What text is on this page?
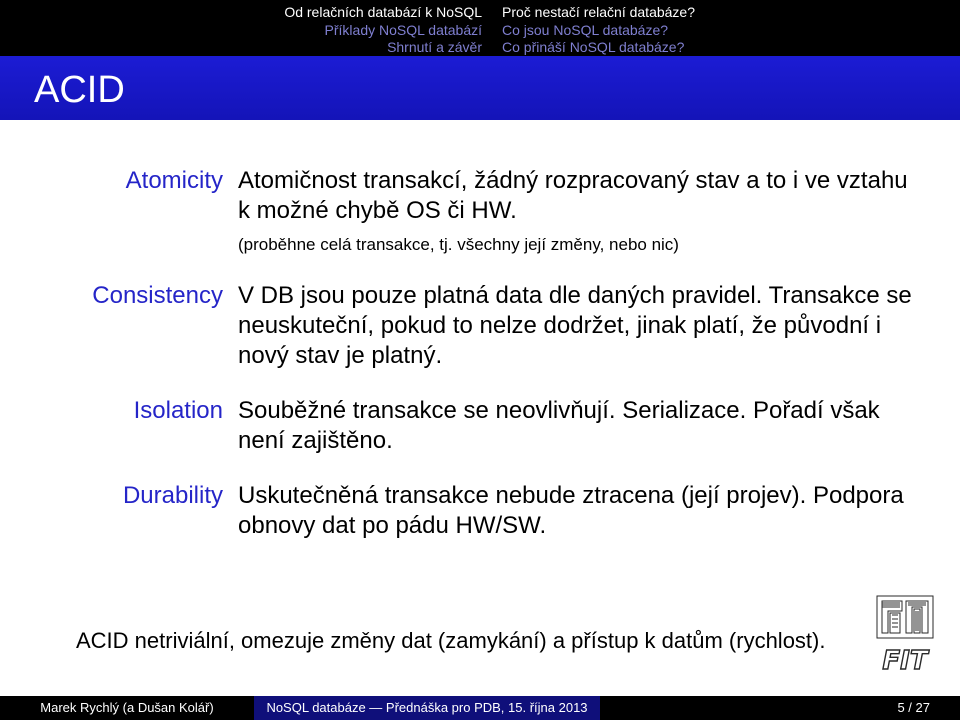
Od relačních databází k NoSQL
Příklady NoSQL databází
Shrnutí a závěr
Proč nestačí relační databáze?
Co jsou NoSQL databáze?
Co přináší NoSQL databáze?
ACID
Atomicity Atomičnost transakcí, žádný rozpracovaný stav a to i ve vztahu k možné chybě OS či HW.
(proběhne celá transakce, tj. všechny její změny, nebo nic)
Consistency V DB jsou pouze platná data dle daných pravidel. Transakce se neuskuteční, pokud to nelze dodržet, jinak platí, že původní i nový stav je platný.
Isolation Souběžné transakce se neovlivňují. Serializace. Pořadí však není zajištěno.
Durability Uskutečněná transakce nebude ztracena (její projev). Podpora obnovy dat po pádu HW/SW.
ACID netriviální, omezuje změny dat (zamykání) a přístup k datům (rychlost).
FIT
Marek Rychlý (a Dušan Kolář)	NoSQL databáze — Přednáška pro PDB, 15. října 2013	5 / 27
